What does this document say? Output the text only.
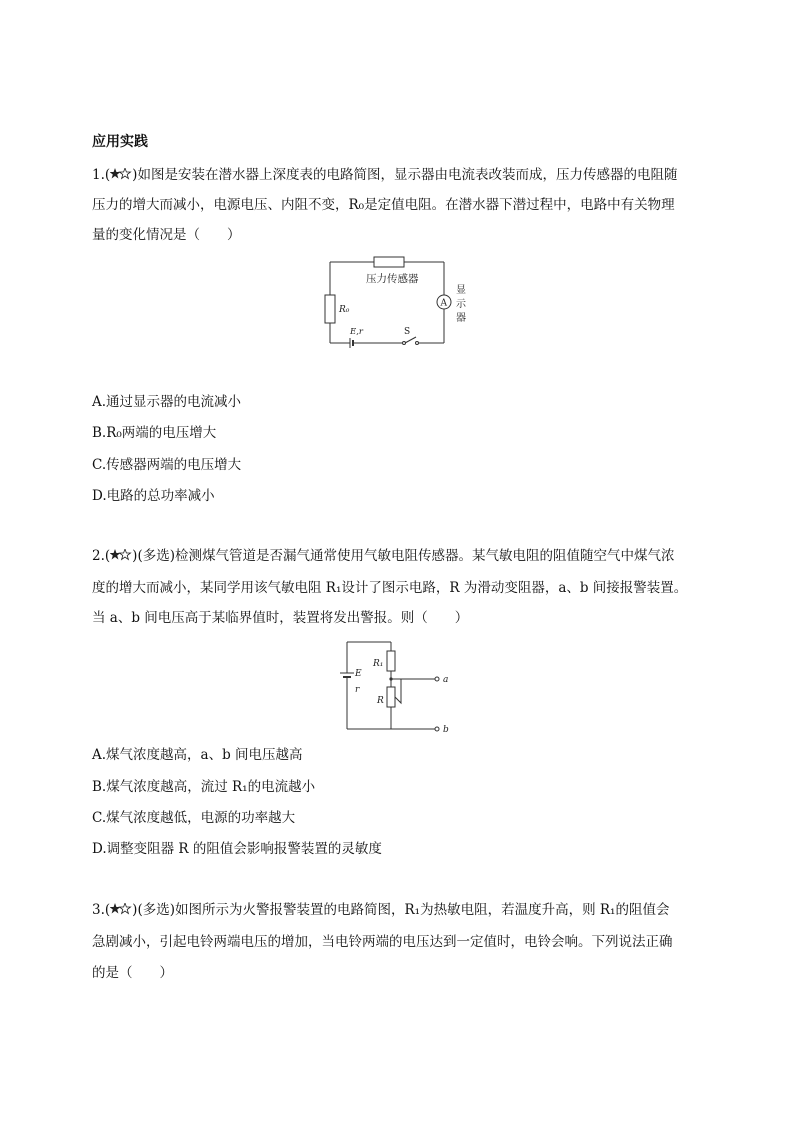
应用实践
1.( )如图是安装在潜水器上深度表的电路简图，显示器由电流表改装而成，压力传感器的电阻随
压力的增大而减小，电源电压、内阻不变，R₀是定值电阻。在潜水器下潜过程中，电路中有关物理
量的变化情况是（　　）
压力传感器
R₀
E,r	S
A
显
示
器
A.通过显示器的电流减小
B.R₀两端的电压增大
C.传感器两端的电压增大
D.电路的总功率减小
2.( )(多选)检测煤气管道是否漏气通常使用气敏电阻传感器。某气敏电阻的阻值随空气中煤气浓
度的增大而减小，某同学用该气敏电阻 R₁设计了图示电路，R 为滑动变阻器，a、b 间接报警装置。
当 a、b 间电压高于某临界值时，装置将发出警报。则（　　）
E
r
R₁
R
a
b
A.煤气浓度越高，a、b 间电压越高
B.煤气浓度越高，流过 R₁的电流越小
C.煤气浓度越低，电源的功率越大
D.调整变阻器 R 的阻值会影响报警装置的灵敏度
3.( )(多选)如图所示为火警报警装置的电路简图，R₁为热敏电阻，若温度升高，则 R₁的阻值会
急剧减小，引起电铃两端电压的增加，当电铃两端的电压达到一定值时，电铃会响。下列说法正确
的是（　　）
